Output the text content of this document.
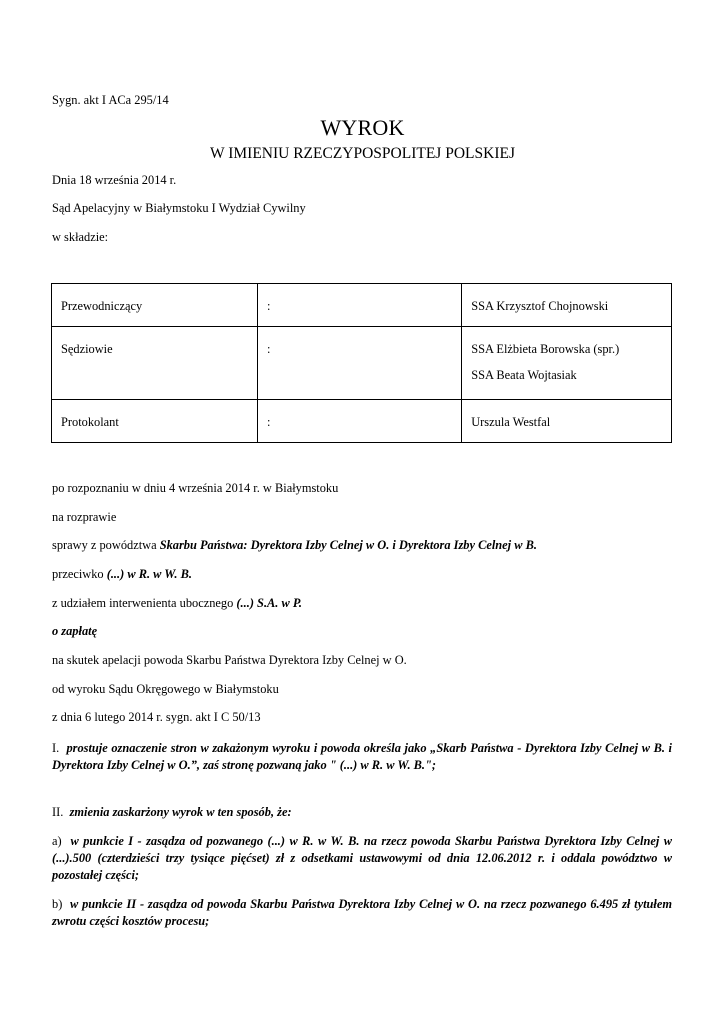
Sygn. akt I ACa 295/14
WYROK
W IMIENIU RZECZYPOSPOLITEJ POLSKIEJ
Dnia 18 września 2014 r.
Sąd Apelacyjny w Białymstoku I Wydział Cywilny
w składzie:
Przewodniczący	:	SSA Krzysztof Chojnowski

Sędziowie	:	SSA Elżbieta Borowska (spr.)
SSA Beata Wojtasiak

Protokolant	:	Urszula Westfal
po rozpoznaniu w dniu 4 września 2014 r. w Białymstoku
na rozprawie
sprawy z powództwa Skarbu Państwa: Dyrektora Izby Celnej w O. i Dyrektora Izby Celnej w B.
przeciwko (...) w R. w W. B.
z udziałem interwenienta ubocznego (...) S.A. w P.
o zapłatę
na skutek apelacji powoda Skarbu Państwa Dyrektora Izby Celnej w O.
od wyroku Sądu Okręgowego w Białymstoku
z dnia 6 lutego 2014 r. sygn. akt I C 50/13
I. prostuje oznaczenie stron w zakażonym wyroku i powoda określa jako „Skarb Państwa - Dyrektora Izby Celnej w B. i Dyrektora Izby Celnej w O.”, zaś stronę pozwaną jako " (...) w R. w W. B.";
II. zmienia zaskarżony wyrok w ten sposób, że:
a) w punkcie I - zasądza od pozwanego (...) w R. w W. B. na rzecz powoda Skarbu Państwa Dyrektora Izby Celnej w (...).500 (czterdzieści trzy tysiące pięćset) zł z odsetkami ustawowymi od dnia 12.06.2012 r. i oddala powództwo w pozostałej części;
b) w punkcie II - zasądza od powoda Skarbu Państwa Dyrektora Izby Celnej w O. na rzecz pozwanego 6.495 zł tytułem zwrotu części kosztów procesu;
